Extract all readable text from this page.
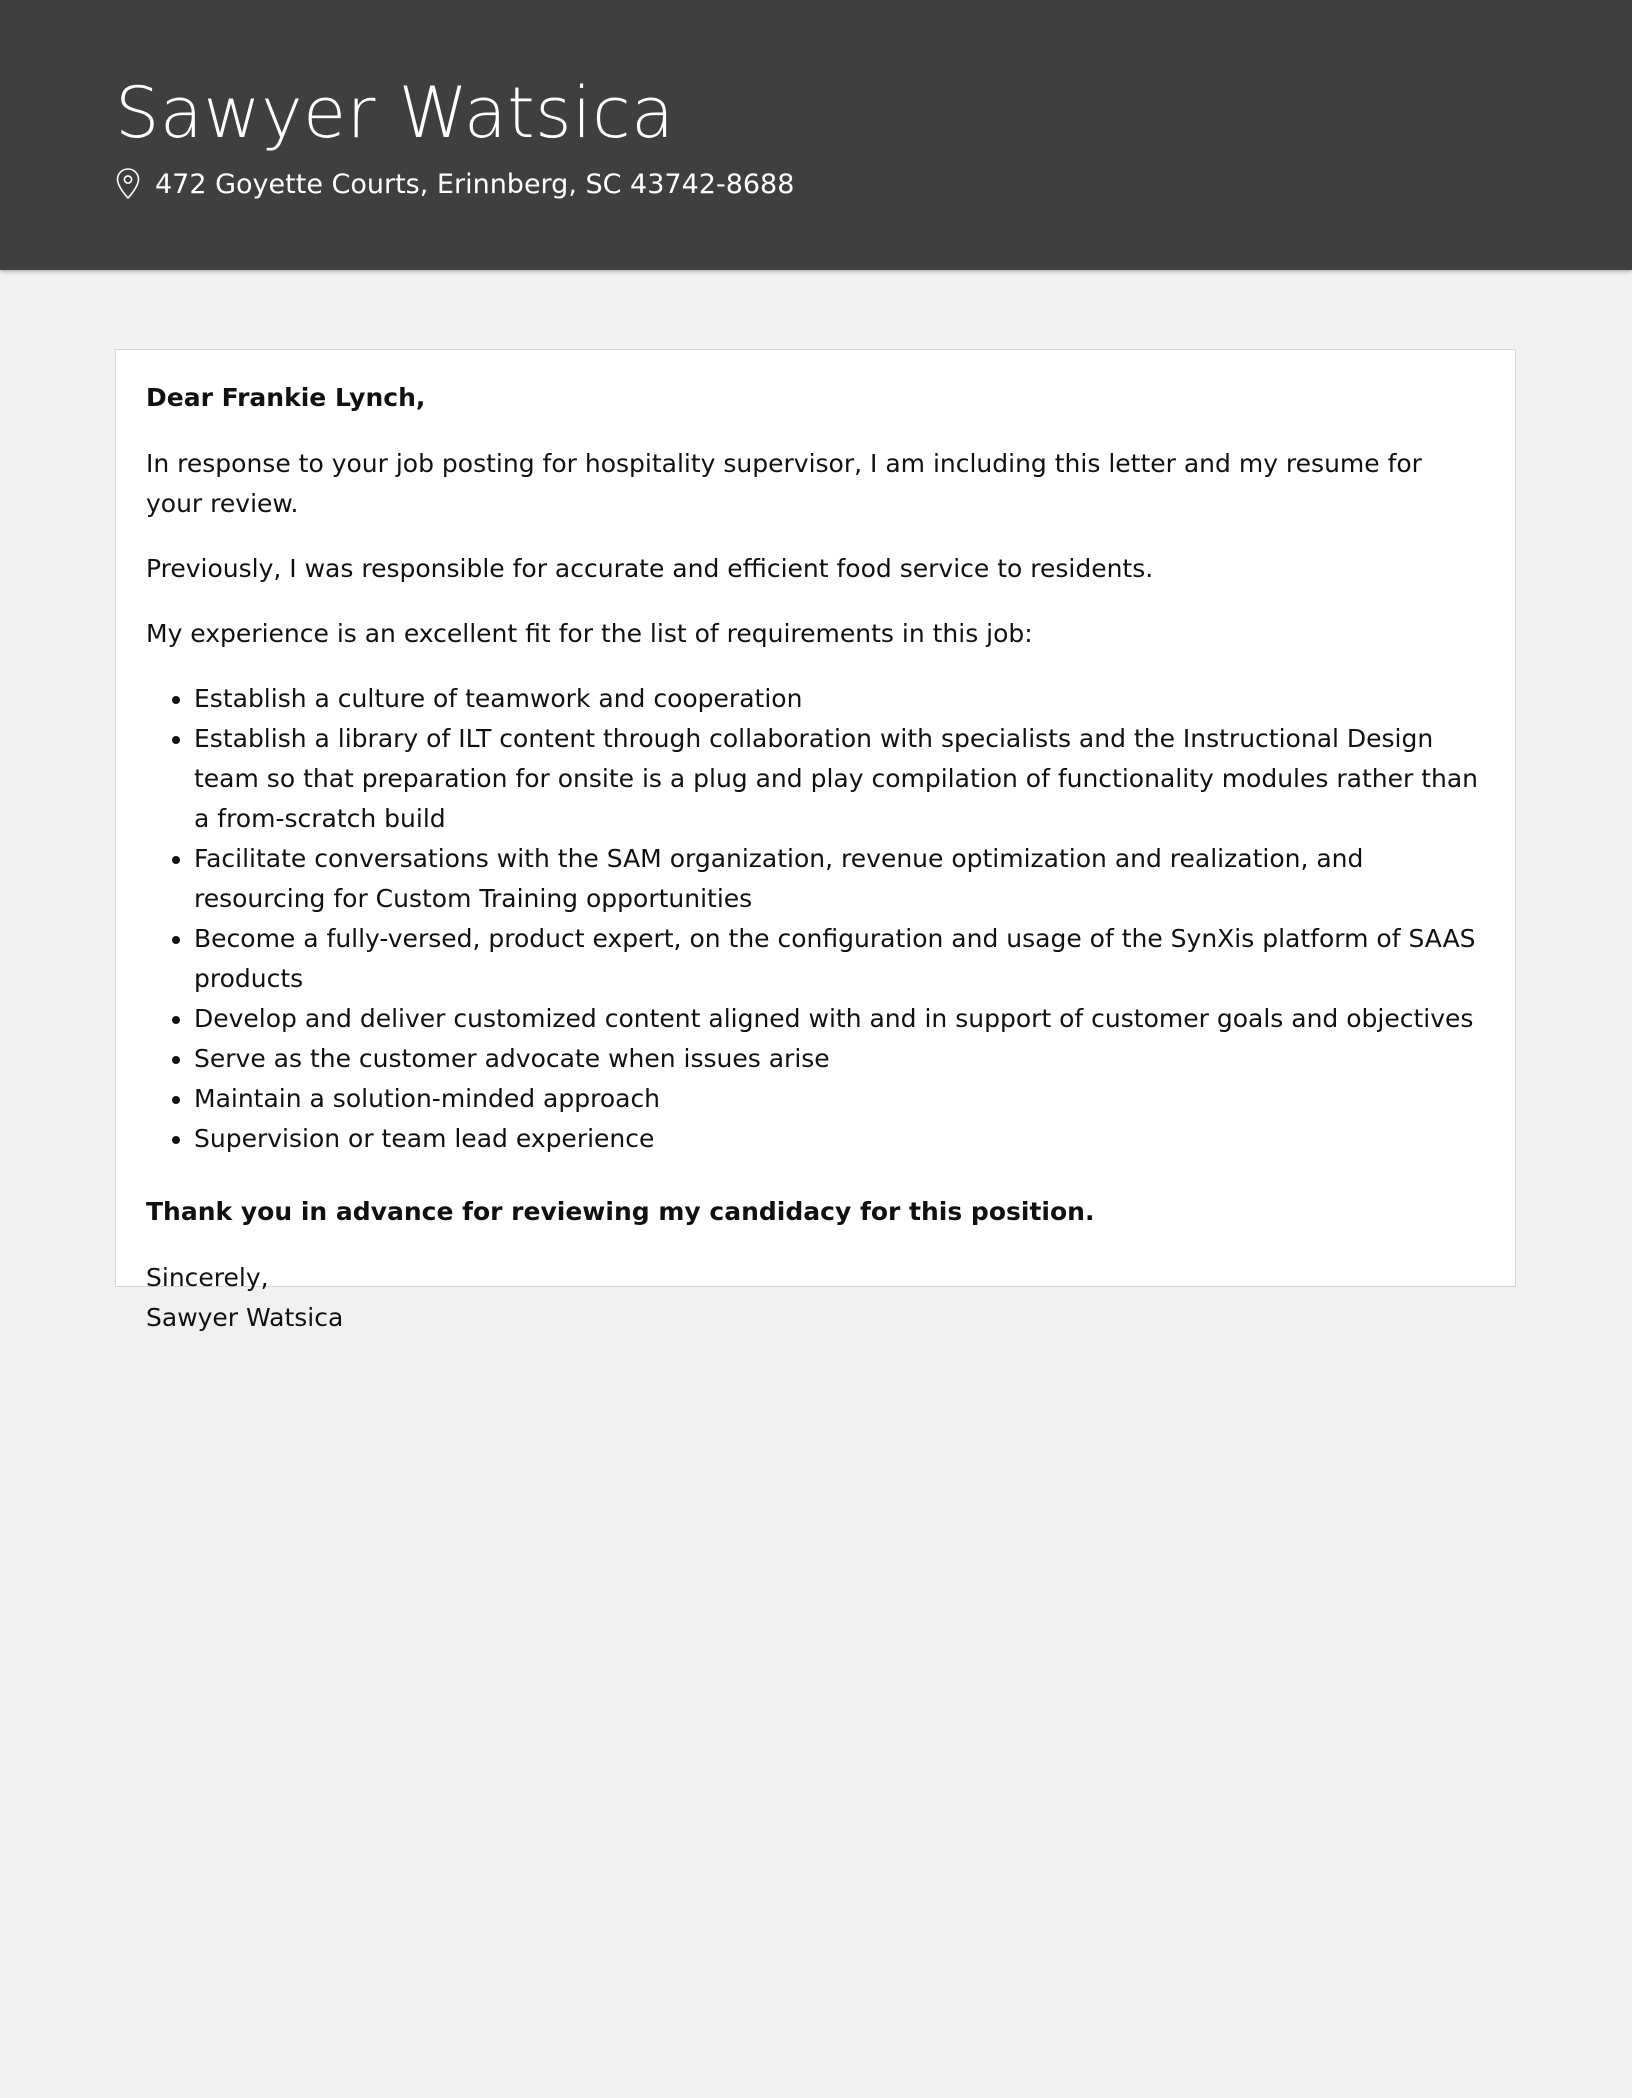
Sawyer Watsica
472 Goyette Courts, Erinnberg, SC 43742-8688

Dear Frankie Lynch,

In response to your job posting for hospitality supervisor, I am including this letter and my resume for your review.

Previously, I was responsible for accurate and efficient food service to residents.

My experience is an excellent fit for the list of requirements in this job:

• Establish a culture of teamwork and cooperation
• Establish a library of ILT content through collaboration with specialists and the Instructional Design team so that preparation for onsite is a plug and play compilation of functionality modules rather than a from-scratch build
• Facilitate conversations with the SAM organization, revenue optimization and realization, and resourcing for Custom Training opportunities
• Become a fully-versed, product expert, on the configuration and usage of the SynXis platform of SAAS products
• Develop and deliver customized content aligned with and in support of customer goals and objectives
• Serve as the customer advocate when issues arise
• Maintain a solution-minded approach
• Supervision or team lead experience

Thank you in advance for reviewing my candidacy for this position.

Sincerely,
Sawyer Watsica
